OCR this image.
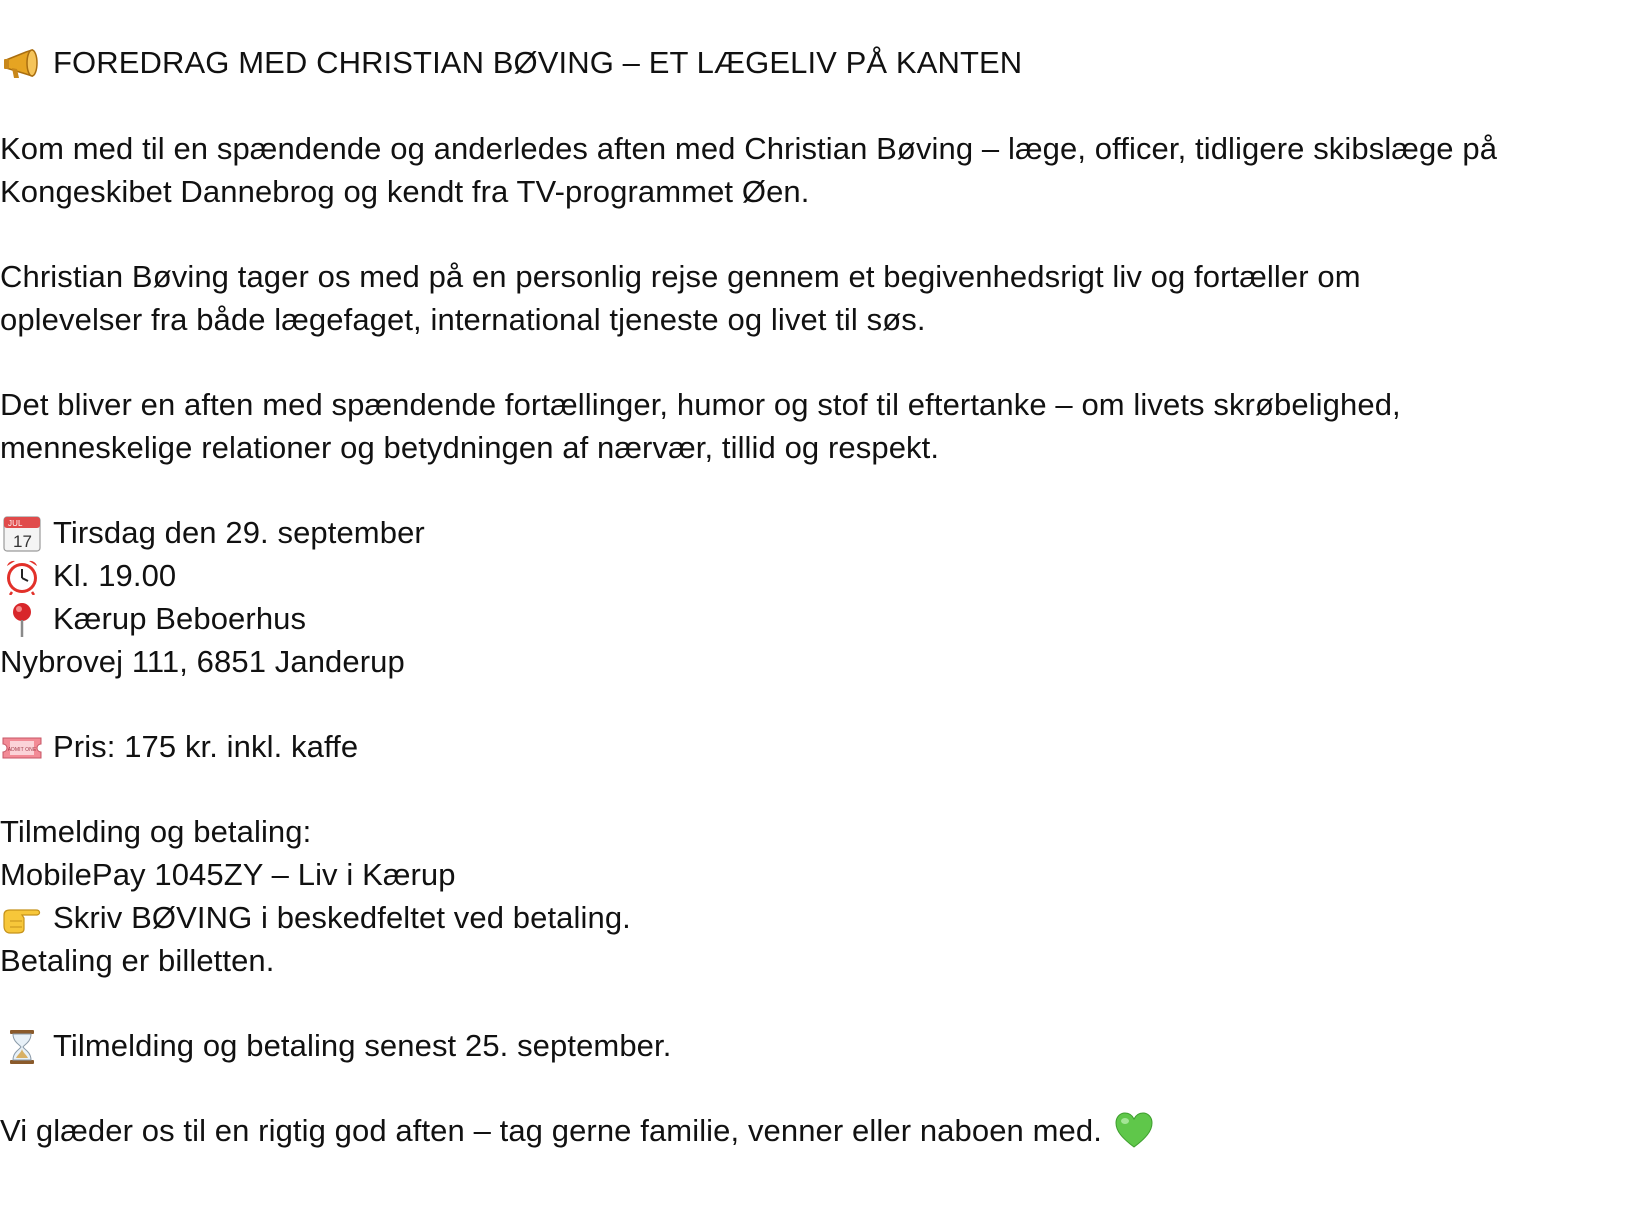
FOREDRAG MED CHRISTIAN BØVING – ET LÆGELIV PÅ KANTEN
Kom med til en spændende og anderledes aften med Christian Bøving – læge, officer, tidligere skibslæge på
Kongeskibet Dannebrog og kendt fra TV-programmet Øen.
Christian Bøving tager os med på en personlig rejse gennem et begivenhedsrigt liv og fortæller om
oplevelser fra både lægefaget, international tjeneste og livet til søs.
Det bliver en aften med spændende fortællinger, humor og stof til eftertanke – om livets skrøbelighed,
menneskelige relationer og betydningen af nærvær, tillid og respekt.
JUL
17 Tirsdag den 29. september
Kl. 19.00
Kærup Beboerhus
Nybrovej 111, 6851 Janderup
ADMIT ONE Pris: 175 kr. inkl. kaffe
Tilmelding og betaling:
MobilePay 1045ZY – Liv i Kærup
Skriv BØVING i beskedfeltet ved betaling.
Betaling er billetten.
Tilmelding og betaling senest 25. september.
Vi glæder os til en rigtig god aften – tag gerne familie, venner eller naboen med.
